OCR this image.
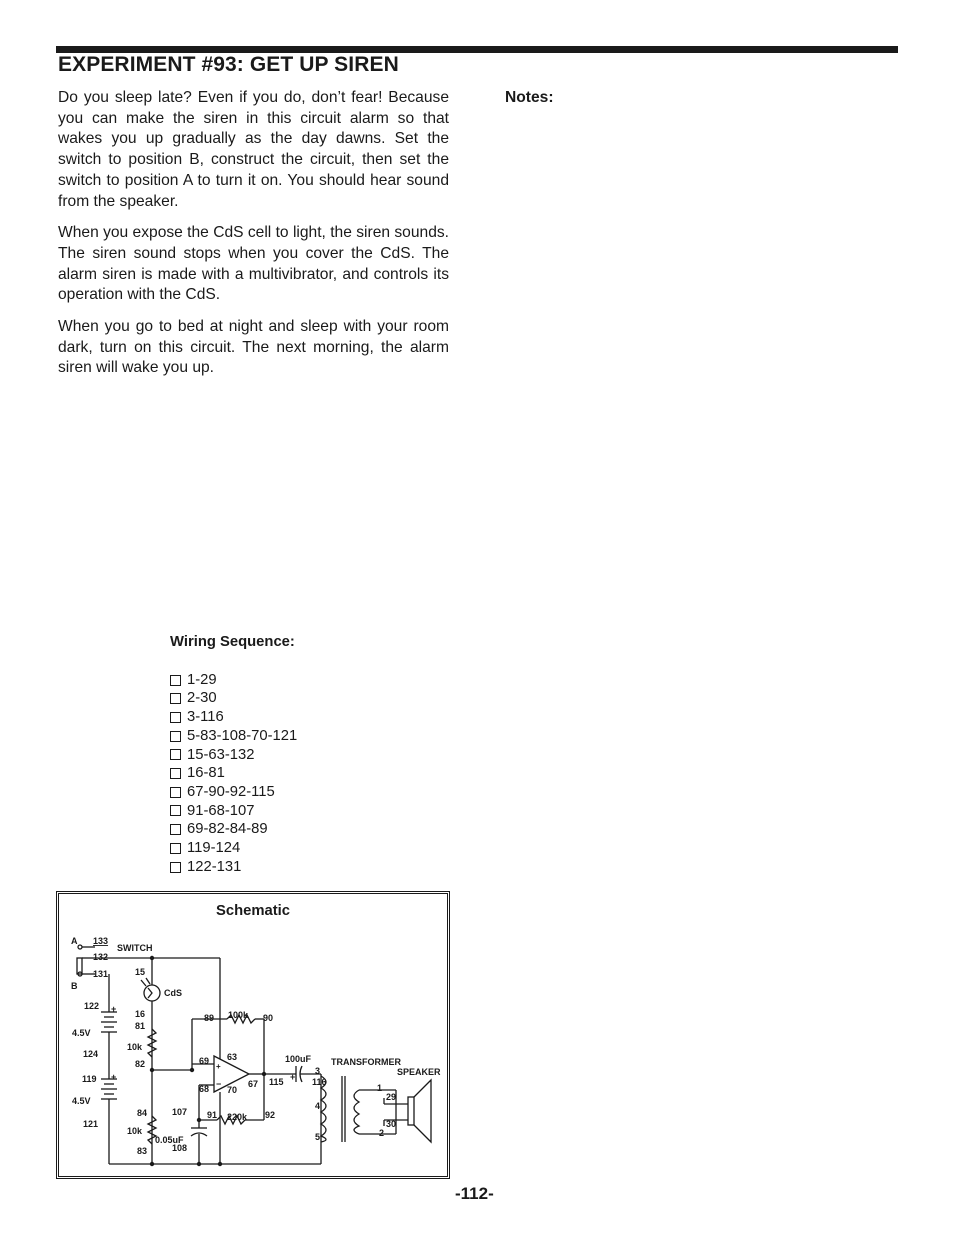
EXPERIMENT #93: GET UP SIREN

Do you sleep late? Even if you do, don’t fear! Because you can make the siren in this circuit alarm so that wakes you up gradually as the day dawns. Set the switch to position B, construct the circuit, then set the switch to position A to turn it on. You should hear sound from the speaker.

When you expose the CdS cell to light, the siren sounds. The siren sound stops when you cover the CdS. The alarm siren is made with a multivibrator, and controls its operation with the CdS.

When you go to bed at night and sleep with your room dark, turn on this circuit. The next morning, the alarm siren will wake you up.

Notes:
Wiring Sequence:
1-29
2-30
3-116
5-83-108-70-121
15-63-132
16-81
67-90-92-115
91-68-107
69-82-84-89
119-124
122-131
Schematic
A 133
SWITCH
132
131
B
15
CdS
16
81
122 +
4.5V
124
119 +
4.5V
121
10k
82
84
10k
83
89 100k 90
69 63
+
−
68 70
67
107 91 220k 92
0.05uF
108
100uF
115 +
3
116
TRANSFORMER
SPEAKER
4
5
1
29
2
30
-112-
